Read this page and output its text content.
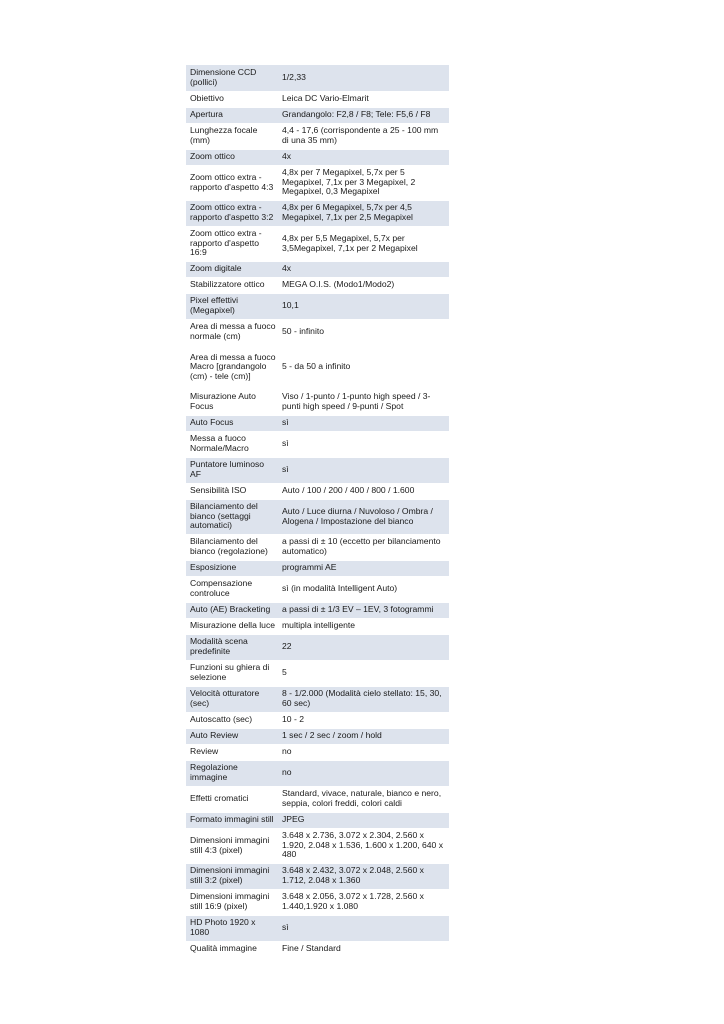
Dimensione CCD (pollici)	1/2,33
Obiettivo	Leica DC Vario-Elmarit
Apertura	Grandangolo: F2,8 / F8; Tele: F5,6 / F8
Lunghezza focale (mm)	4,4 - 17,6 (corrispondente a 25 - 100 mm di una 35 mm)
Zoom ottico	4x
Zoom ottico extra - rapporto d'aspetto 4:3	4,8x per 7 Megapixel, 5,7x per 5 Megapixel, 7,1x per 3 Megapixel, 2 Megapixel, 0,3 Megapixel
Zoom ottico extra - rapporto d'aspetto 3:2	4,8x per 6 Megapixel, 5,7x per 4,5 Megapixel, 7,1x per 2,5 Megapixel
Zoom ottico extra - rapporto d'aspetto 16:9	4,8x per 5,5 Megapixel, 5,7x per 3,5Megapixel, 7,1x per 2 Megapixel
Zoom digitale	4x
Stabilizzatore ottico	MEGA O.I.S. (Modo1/Modo2)
Pixel effettivi (Megapixel)	10,1
Area di messa a fuoco normale (cm)	50 - infinito
Area di messa a fuoco Macro [grandangolo (cm) - tele (cm)]	5 - da 50 a infinito
Misurazione Auto Focus	Viso / 1-punto / 1-punto high speed / 3-punti high speed / 9-punti / Spot
Auto Focus	sì
Messa a fuoco Normale/Macro	sì
Puntatore luminoso AF	sì
Sensibilità ISO	Auto / 100 / 200 / 400 / 800 / 1.600
Bilanciamento del bianco (settaggi automatici)	Auto / Luce diurna / Nuvoloso / Ombra / Alogena / Impostazione del bianco
Bilanciamento del bianco (regolazione)	a passi di ± 10 (eccetto per bilanciamento automatico)
Esposizione	programmi AE
Compensazione controluce	sì (in modalità Intelligent Auto)
Auto (AE) Bracketing	a passi di ± 1/3 EV – 1EV, 3 fotogrammi
Misurazione della luce	multipla intelligente
Modalità scena predefinite	22
Funzioni su ghiera di selezione	5
Velocità otturatore (sec)	8 - 1/2.000 (Modalità cielo stellato: 15, 30, 60 sec)
Autoscatto (sec)	10 - 2
Auto Review	1 sec / 2 sec / zoom / hold
Review	no
Regolazione immagine	no
Effetti cromatici	Standard, vivace, naturale, bianco e nero, seppia, colori freddi, colori caldi
Formato immagini still	JPEG
Dimensioni immagini still 4:3 (pixel)	3.648 x 2.736, 3.072 x 2.304, 2.560 x 1.920, 2.048 x 1.536, 1.600 x 1.200, 640 x 480
Dimensioni immagini still 3:2 (pixel)	3.648 x 2.432, 3.072 x 2.048, 2.560 x 1.712, 2.048 x 1.360
Dimensioni immagini still 16:9 (pixel)	3.648 x 2.056, 3.072 x 1.728, 2.560 x 1.440,1.920 x 1.080
HD Photo 1920 x 1080	sì
Qualità immagine	Fine / Standard
